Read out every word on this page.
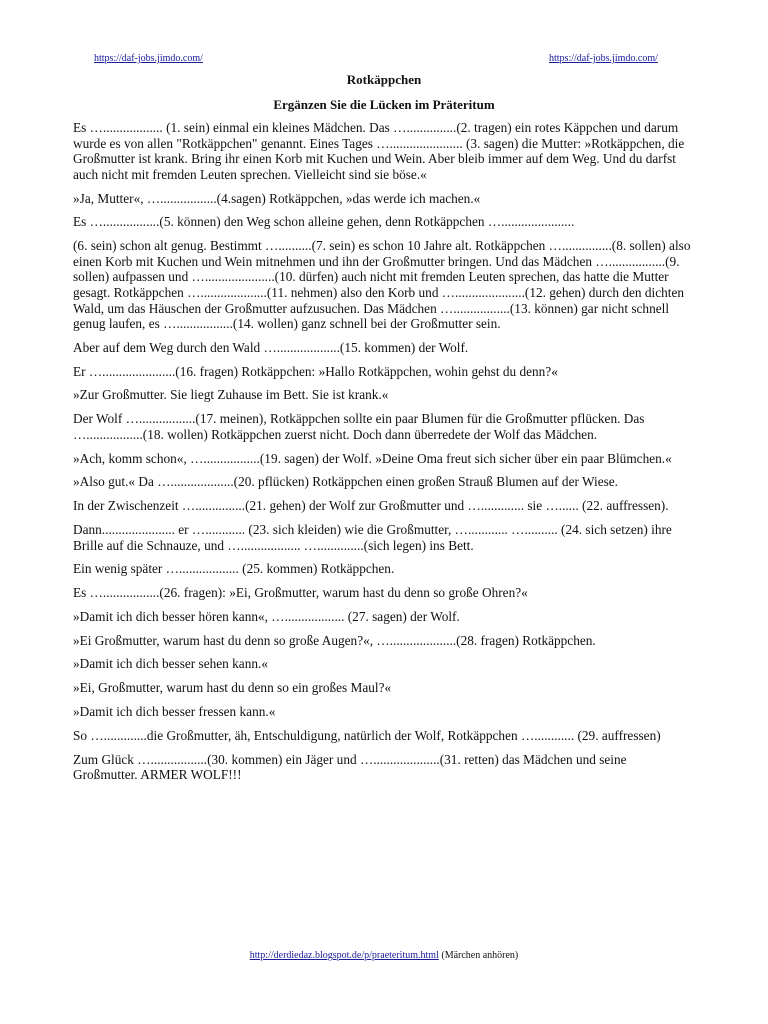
https://daf-jobs.jimdo.com/	https://daf-jobs.jimdo.com/
Rotkäppchen
Ergänzen Sie die Lücken im Präteritum

Es ….................. (1. sein) einmal ein kleines Mädchen. Das …...............(2. tragen) ein rotes Käppchen und darum wurde es von allen "Rotkäppchen" genannt. Eines Tages …...................... (3. sagen) die Mutter: »Rotkäppchen, die Großmutter ist krank. Bring ihr einen Korb mit Kuchen und Wein. Aber bleib immer auf dem Weg. Und du darfst auch nicht mit fremden Leuten sprechen. Vielleicht sind sie böse.«

»Ja, Mutter«, ….................(4.sagen) Rotkäppchen, »das werde ich machen.«

Es ….................(5. können) den Weg schon alleine gehen, denn Rotkäppchen …......................

(6. sein) schon alt genug. Bestimmt …..........(7. sein) es schon 10 Jahre alt. Rotkäppchen …...............(8. sollen) also einen Korb mit Kuchen und Wein mitnehmen und ihn der Großmutter bringen. Und das Mädchen ….................(9. sollen) aufpassen und ….....................(10. dürfen) auch nicht mit fremden Leuten sprechen, das hatte die Mutter gesagt. Rotkäppchen …....................(11. nehmen) also den Korb und ….....................(12. gehen) durch den dichten Wald, um das Häuschen der Großmutter aufzusuchen. Das Mädchen ….................(13. können) gar nicht schnell genug laufen, es ….................(14. wollen) ganz schnell bei der Großmutter sein.

Aber auf dem Weg durch den Wald …...................(15. kommen) der Wolf.

Er …......................(16. fragen) Rotkäppchen: »Hallo Rotkäppchen, wohin gehst du denn?«

»Zur Großmutter. Sie liegt Zuhause im Bett. Sie ist krank.«

Der Wolf ….................(17. meinen), Rotkäppchen sollte ein paar Blumen für die Großmutter pflücken. Das ….................(18. wollen) Rotkäppchen zuerst nicht. Doch dann überredete der Wolf das Mädchen.

»Ach, komm schon«, ….................(19. sagen) der Wolf. »Deine Oma freut sich sicher über ein paar Blümchen.«

»Also gut.« Da …...................(20. pflücken) Rotkäppchen einen großen Strauß Blumen auf der Wiese.

In der Zwischenzeit …...............(21. gehen) der Wolf zur Großmutter und …............. sie …...... (22. auffressen).

Dann...................... er …............ (23. sich kleiden) wie die Großmutter, …............ ….......... (24. sich setzen) ihre Brille auf die Schnauze, und ….................. …..............(sich legen) ins Bett.

Ein wenig später ….................. (25. kommen) Rotkäppchen.

Es ….................(26. fragen): »Ei, Großmutter, warum hast du denn so große Ohren?«

»Damit ich dich besser hören kann«, ….................. (27. sagen) der Wolf.

»Ei Großmutter, warum hast du denn so große Augen?«, …....................(28. fragen) Rotkäppchen.

»Damit ich dich besser sehen kann.«

»Ei, Großmutter, warum hast du denn so ein großes Maul?«

»Damit ich dich besser fressen kann.«

So ….............die Großmutter, äh, Entschuldigung, natürlich der Wolf, Rotkäppchen …............ (29. auffressen)

Zum Glück ….................(30. kommen) ein Jäger und …....................(31. retten) das Mädchen und seine Großmutter. ARMER WOLF!!!

http://derdiedaz.blogspot.de/p/praeteritum.html (Märchen anhören)
